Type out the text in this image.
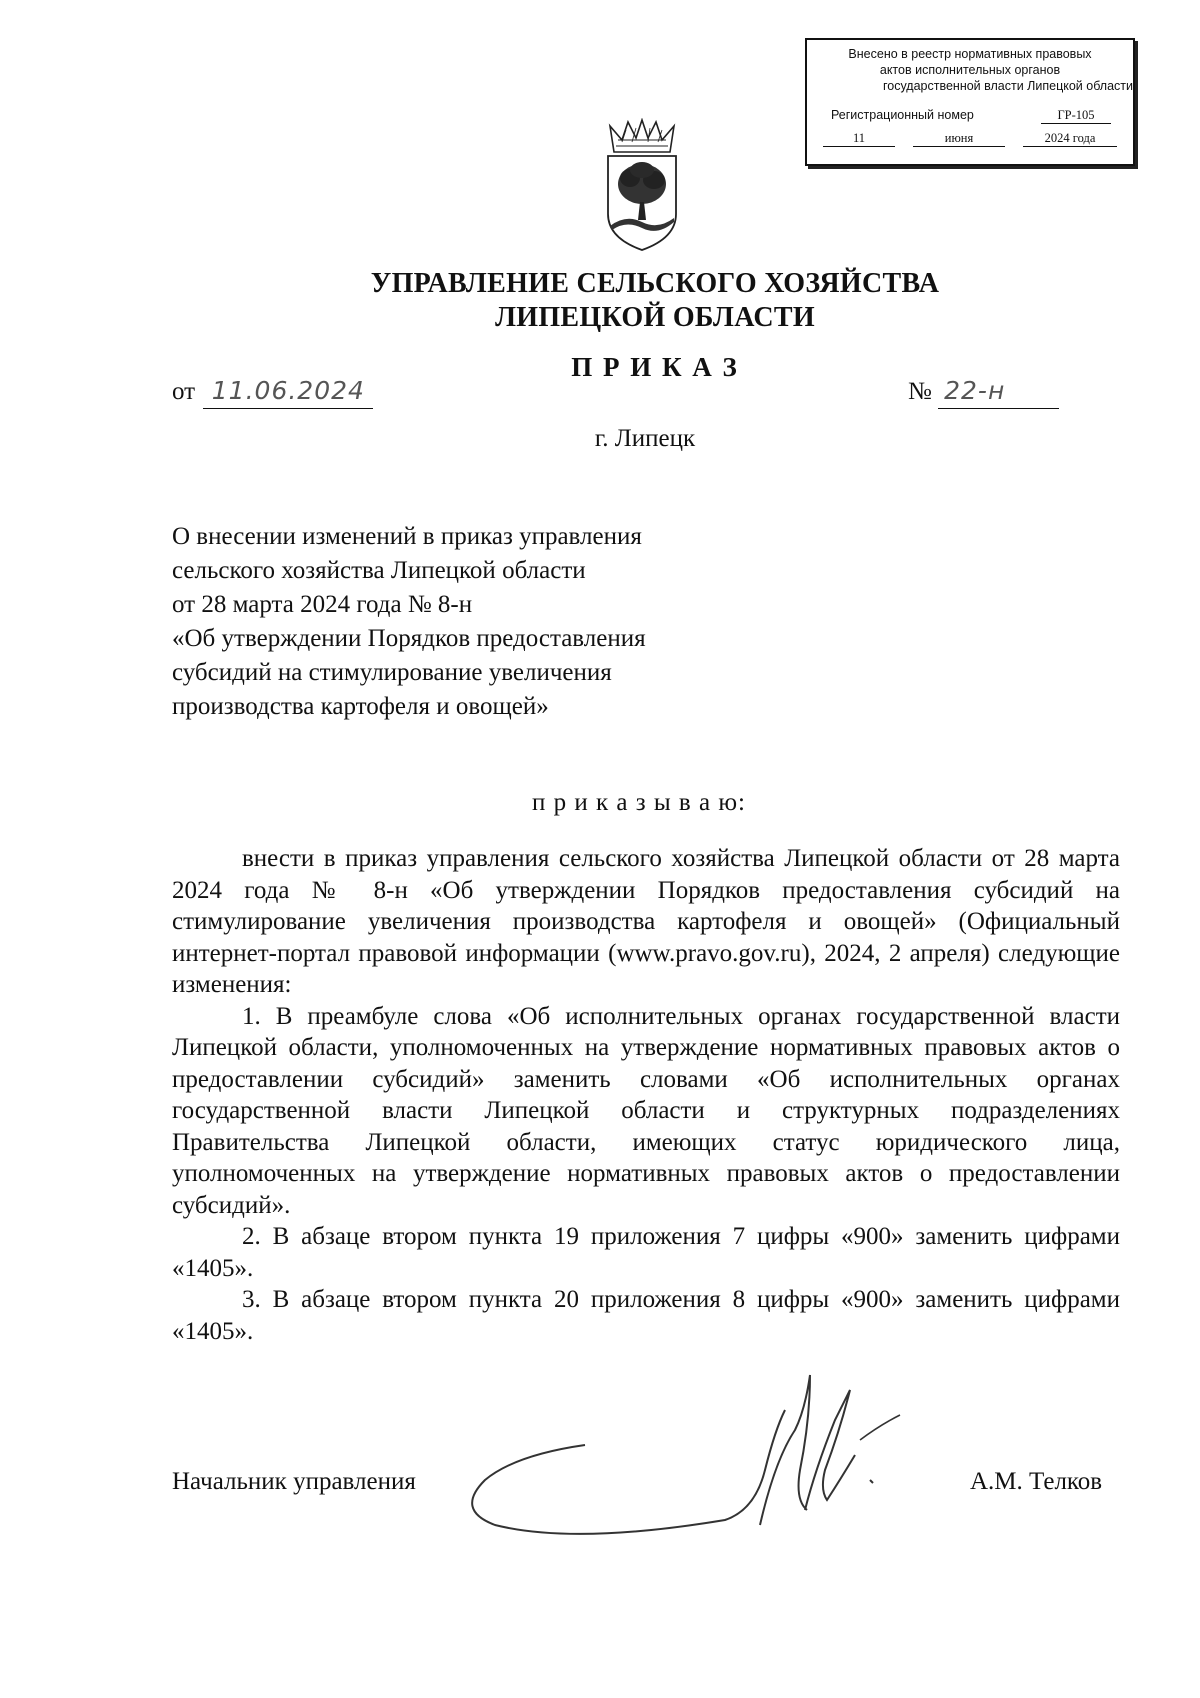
Внесено в реестр нормативных правовых
актов исполнительных органов
государственной власти Липецкой области
Регистрационный номер	ГР-105
11	июня	2024 года
УПРАВЛЕНИЕ СЕЛЬСКОГО ХОЗЯЙСТВА
ЛИПЕЦКОЙ ОБЛАСТИ
П Р И К А З
от 11.06.2024	№ 22-н
г. Липецк
О внесении изменений в приказ управления
сельского хозяйства Липецкой области
от 28 марта 2024 года № 8-н
«Об утверждении Порядков предоставления
субсидий на стимулирование увеличения
производства картофеля и овощей»
п р и к а з ы в а ю:

внести в приказ управления сельского хозяйства Липецкой области от 28 марта 2024 года № 8-н «Об утверждении Порядков предоставления субсидий на стимулирование увеличения производства картофеля и овощей» (Официальный интернет-портал правовой информации (www.pravo.gov.ru), 2024, 2 апреля) следующие изменения:

1. В преамбуле слова «Об исполнительных органах государственной власти Липецкой области, уполномоченных на утверждение нормативных правовых актов о предоставлении субсидий» заменить словами «Об исполнительных органах государственной власти Липецкой области и структурных подразделениях Правительства Липецкой области, имеющих статус юридического лица, уполномоченных на утверждение нормативных правовых актов о предоставлении субсидий».

2. В абзаце втором пункта 19 приложения 7 цифры «900» заменить цифрами «1405».

3. В абзаце втором пункта 20 приложения 8 цифры «900» заменить цифрами «1405».

Начальник управления	А.М. Телков
